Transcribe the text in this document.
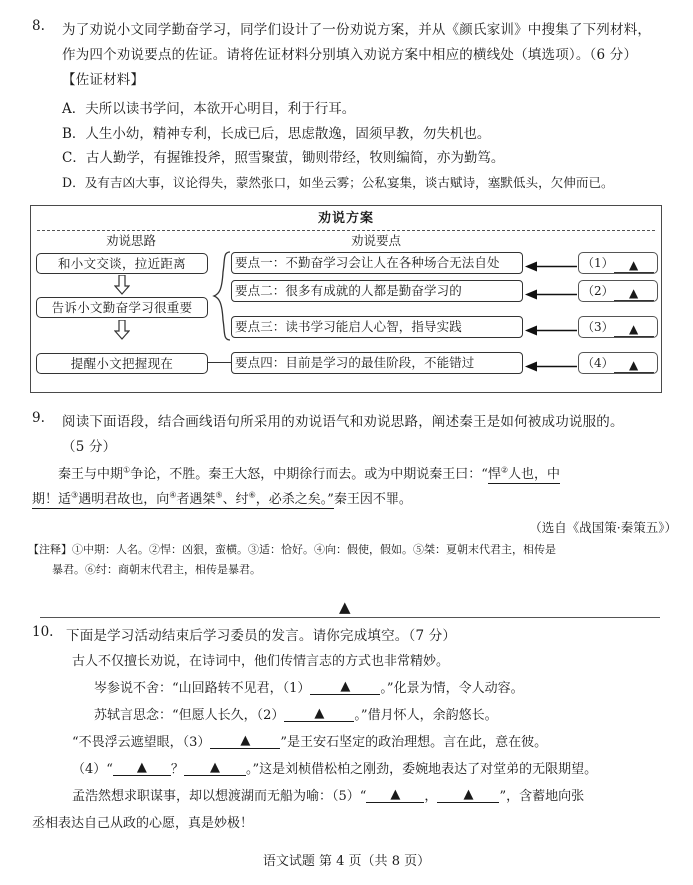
8.	为了劝说小文同学勤奋学习，同学们设计了一份劝说方案，并从《颜氏家训》中搜集了下列材料，
作为四个劝说要点的佐证。请将佐证材料分别填入劝说方案中相应的横线处（填选项）。（6 分）
【佐证材料】
A．夫所以读书学问，本欲开心明目，利于行耳。
B．人生小幼，精神专利，长成已后，思虑散逸，固须早教，勿失机也。
C．古人勤学，有握锥投斧，照雪聚萤，锄则带经，牧则编简，亦为勤笃。
D．及有吉凶大事，议论得失，蒙然张口，如坐云雾；公私宴集，谈古赋诗，塞默低头，欠伸而已。
劝说方案
劝说思路	劝说要点
和小文交谈，拉近距离
告诉小文勤奋学习很重要
提醒小文把握现在
要点一：不勤奋学习会让人在各种场合无法自处
要点二：很多有成就的人都是勤奋学习的
要点三：读书学习能启人心智，指导实践
要点四：目前是学习的最佳阶段，不能错过
（1） ▲
（2） ▲
（3） ▲
（4） ▲
9.	阅读下面语段，结合画线语句所采用的劝说语气和劝说思路，阐述秦王是如何被成功说服的。
（5 分）
秦王与中期①争论，不胜。秦王大怒，中期徐行而去。或为中期说秦王曰：“悍②人也，中
期！适③遇明君故也，向④者遇桀⑤、纣⑥，必杀之矣。”秦王因不罪。
（选自《战国策·秦策五》）
【注释】①中期：人名。②悍：凶狠，蛮横。③适：恰好。④向：假使，假如。⑤桀：夏朝末代君主，相传是
暴君。⑥纣：商朝末代君主，相传是暴君。
▲
10. 下面是学习活动结束后学习委员的发言。请你完成填空。（7 分）
古人不仅擅长劝说，在诗词中，他们传情言志的方式也非常精妙。
岑参说不舍：“山回路转不见君，（1） ▲ 。”化景为情，令人动容。
苏轼言思念：“但愿人长久，（2） ▲ 。”借月怀人，余韵悠长。
“不畏浮云遮望眼，（3） ▲ ”是王安石坚定的政治理想。言在此，意在彼。
（4）“ ▲ ？ ▲ 。”这是刘桢借松柏之刚劲，委婉地表达了对堂弟的无限期望。
孟浩然想求职谋事，却以想渡湖而无船为喻：（5）“ ▲ ， ▲ ”，含蓄地向张
丞相表达自己从政的心愿，真是妙极！
语文试题 第 4 页（共 8 页）
